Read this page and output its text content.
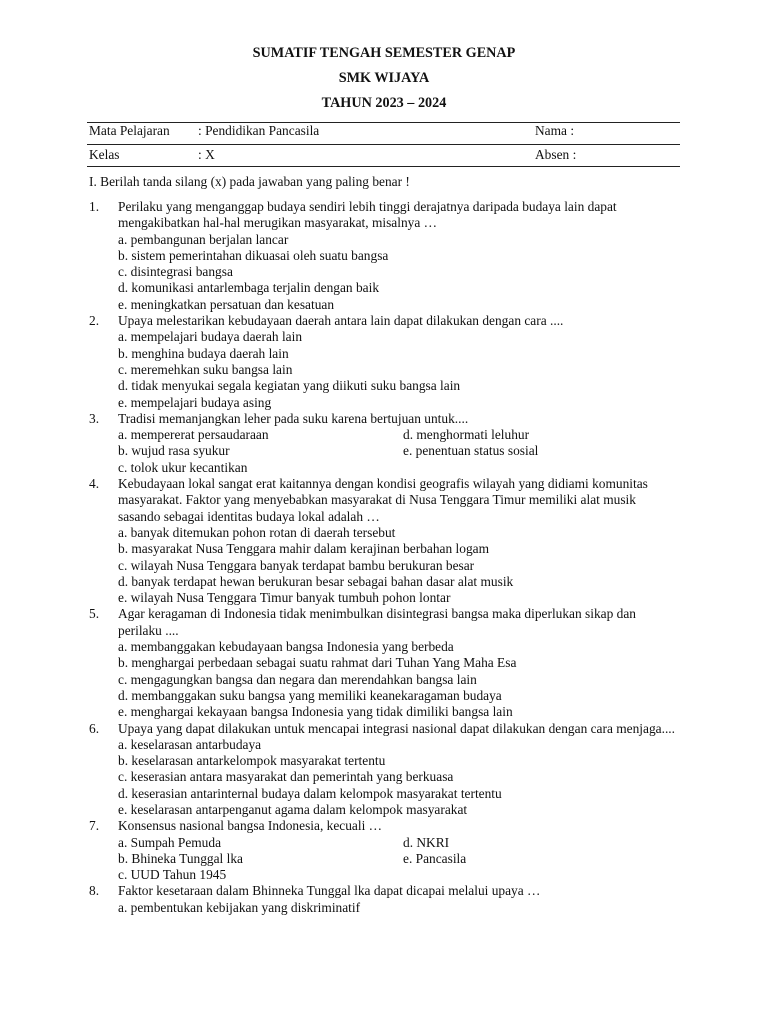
SUMATIF TENGAH SEMESTER GENAP
SMK WIJAYA
TAHUN 2023 – 2024
Mata Pelajaran : Pendidikan Pancasila	Nama :
Kelas	: X	Absen :
I. Berilah tanda silang (x) pada jawaban yang paling benar !
1. Perilaku yang menganggap budaya sendiri lebih tinggi derajatnya daripada budaya lain dapat mengakibatkan hal-hal merugikan masyarakat, misalnya …
a. pembangunan berjalan lancar
b. sistem pemerintahan dikuasai oleh suatu bangsa
c. disintegrasi bangsa
d. komunikasi antarlembaga terjalin dengan baik
e. meningkatkan persatuan dan kesatuan
2. Upaya melestarikan kebudayaan daerah antara lain dapat dilakukan dengan cara ....
a. mempelajari budaya daerah lain
b. menghina budaya daerah lain
c. meremehkan suku bangsa lain
d. tidak menyukai segala kegiatan yang diikuti suku bangsa lain
e. mempelajari budaya asing
3. Tradisi memanjangkan leher pada suku karena bertujuan untuk....
a. mempererat persaudaraan	d. menghormati leluhur
b. wujud rasa syukur	e. penentuan status sosial
c. tolok ukur kecantikan
4. Kebudayaan lokal sangat erat kaitannya dengan kondisi geografis wilayah yang didiami komunitas masyarakat. Faktor yang menyebabkan masyarakat di Nusa Tenggara Timur memiliki alat musik sasando sebagai identitas budaya lokal adalah …
a. banyak ditemukan pohon rotan di daerah tersebut
b. masyarakat Nusa Tenggara mahir dalam kerajinan berbahan logam
c. wilayah Nusa Tenggara banyak terdapat bambu berukuran besar
d. banyak terdapat hewan berukuran besar sebagai bahan dasar alat musik
e. wilayah Nusa Tenggara Timur banyak tumbuh pohon lontar
5. Agar keragaman di Indonesia tidak menimbulkan disintegrasi bangsa maka diperlukan sikap dan perilaku ....
a. membanggakan kebudayaan bangsa Indonesia yang berbeda
b. menghargai perbedaan sebagai suatu rahmat dari Tuhan Yang Maha Esa
c. mengagungkan bangsa dan negara dan merendahkan bangsa lain
d. membanggakan suku bangsa yang memiliki keanekaragaman budaya
e. menghargai kekayaan bangsa Indonesia yang tidak dimiliki bangsa lain
6. Upaya yang dapat dilakukan untuk mencapai integrasi nasional dapat dilakukan dengan cara menjaga....
a. keselarasan antarbudaya
b. keselarasan antarkelompok masyarakat tertentu
c. keserasian antara masyarakat dan pemerintah yang berkuasa
d. keserasian antarinternal budaya dalam kelompok masyarakat tertentu
e. keselarasan antarpenganut agama dalam kelompok masyarakat
7. Konsensus nasional bangsa Indonesia, kecuali …
a. Sumpah Pemuda	d. NKRI
b. Bhineka Tunggal lka	e. Pancasila
c. UUD Tahun 1945
8. Faktor kesetaraan dalam Bhinneka Tunggal lka dapat dicapai melalui upaya …
a. pembentukan kebijakan yang diskriminatif
